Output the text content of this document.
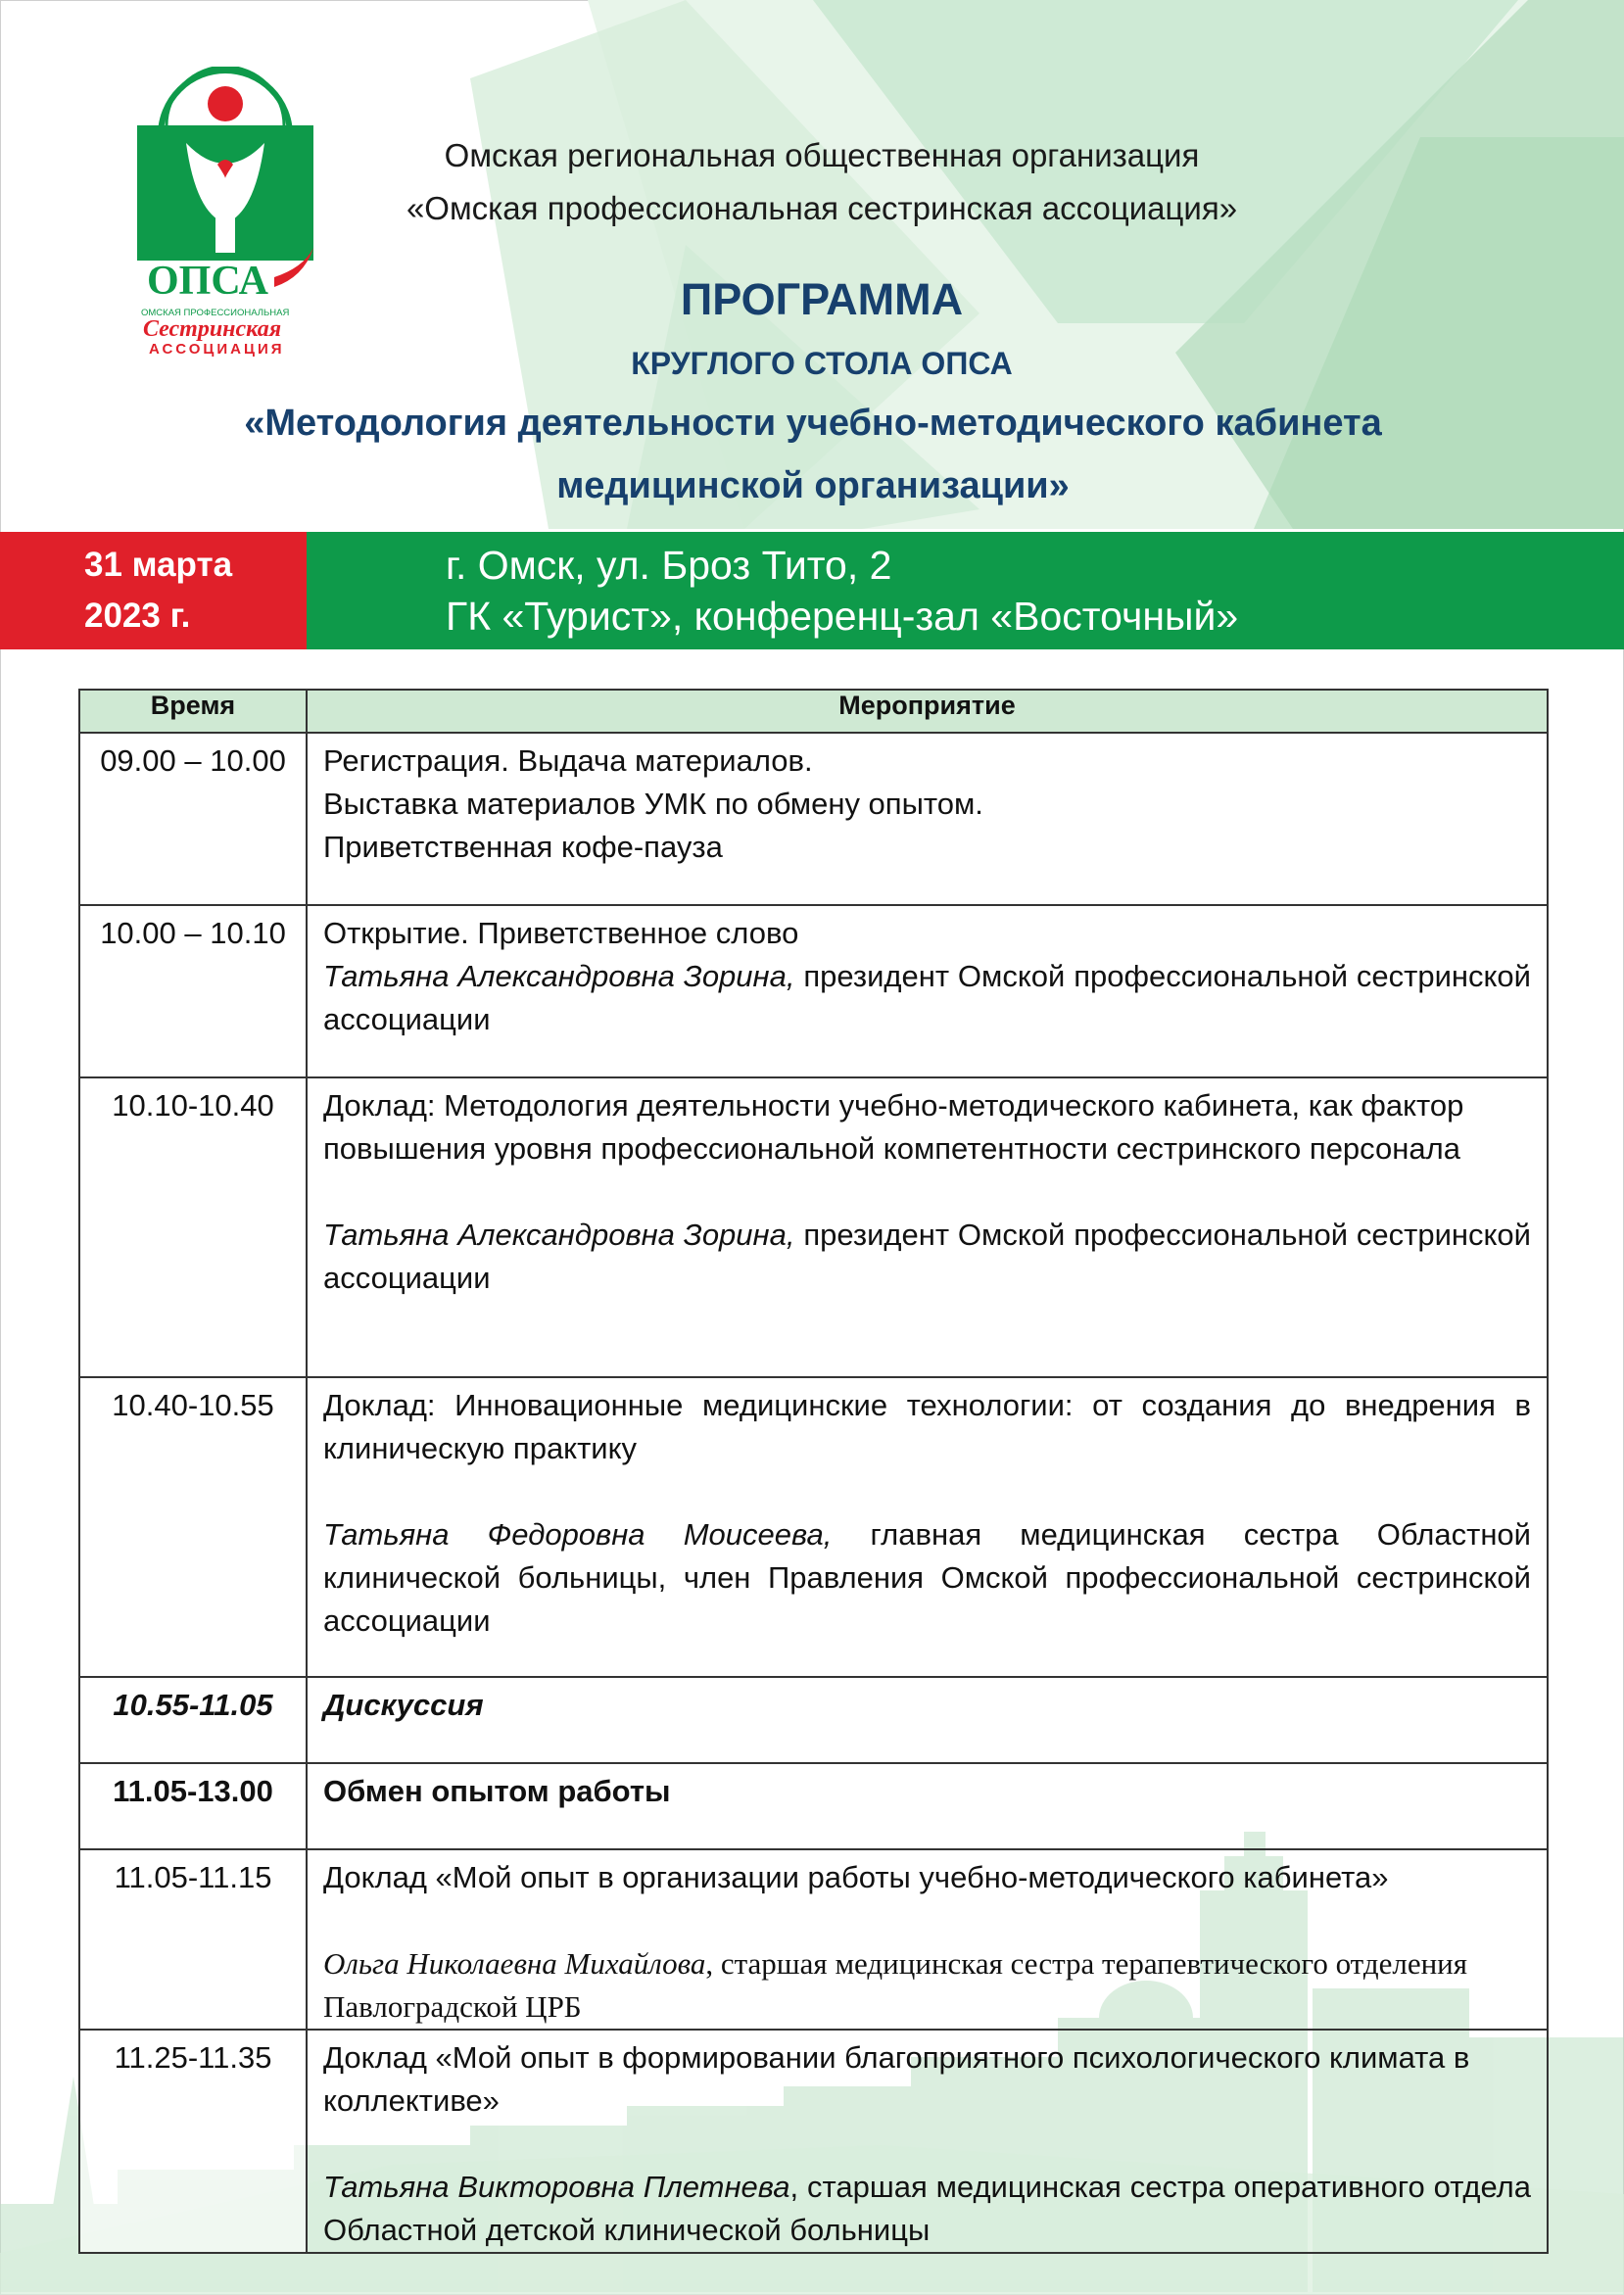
ОПСА
ОМСКАЯ ПРОФЕССИОНАЛЬНАЯ
Сестринская
АССОЦИАЦИЯ
Омская региональная общественная организация
«Омская профессиональная сестринская ассоциация»
ПРОГРАММА
КРУГЛОГО СТОЛА ОПСА
«Методология деятельности учебно-методического кабинета
медицинской организации»
31 марта
2023 г.
г. Омск, ул. Броз Тито, 2
ГК «Турист», конференц-зал «Восточный»
Время	Мероприятие
09.00 – 10.00	Регистрация. Выдача материалов.
Выставка материалов УМК по обмену опытом.
Приветственная кофе-пауза

10.00 – 10.10	Открытие. Приветственное слово
Татьяна Александровна Зорина, президент Омской профессиональной сестринской ассоциации

10.10-10.40	Доклад: Методология деятельности учебно-методического кабинета, как фактор повышения уровня профессиональной компетентности сестринского персонала
Татьяна Александровна Зорина, президент Омской профессиональной сестринской ассоциации

10.40-10.55	Доклад: Инновационные медицинские технологии: от создания до внедрения в клиническую практику
Татьяна Федоровна Моисеева, главная медицинская сестра Областной клинической больницы, член Правления Омской профессиональной сестринской ассоциации

10.55-11.05	Дискуссия

11.05-13.00	Обмен опытом работы

11.05-11.15	Доклад «Мой опыт в организации работы учебно-методического кабинета»
Ольга Николаевна Михайлова, старшая медицинская сестра терапевтического отделения Павлоградской ЦРБ

11.25-11.35	Доклад «Мой опыт в формировании благоприятного психологического климата в коллективе»
Татьяна Викторовна Плетнева, старшая медицинская сестра оперативного отдела Областной детской клинической больницы
